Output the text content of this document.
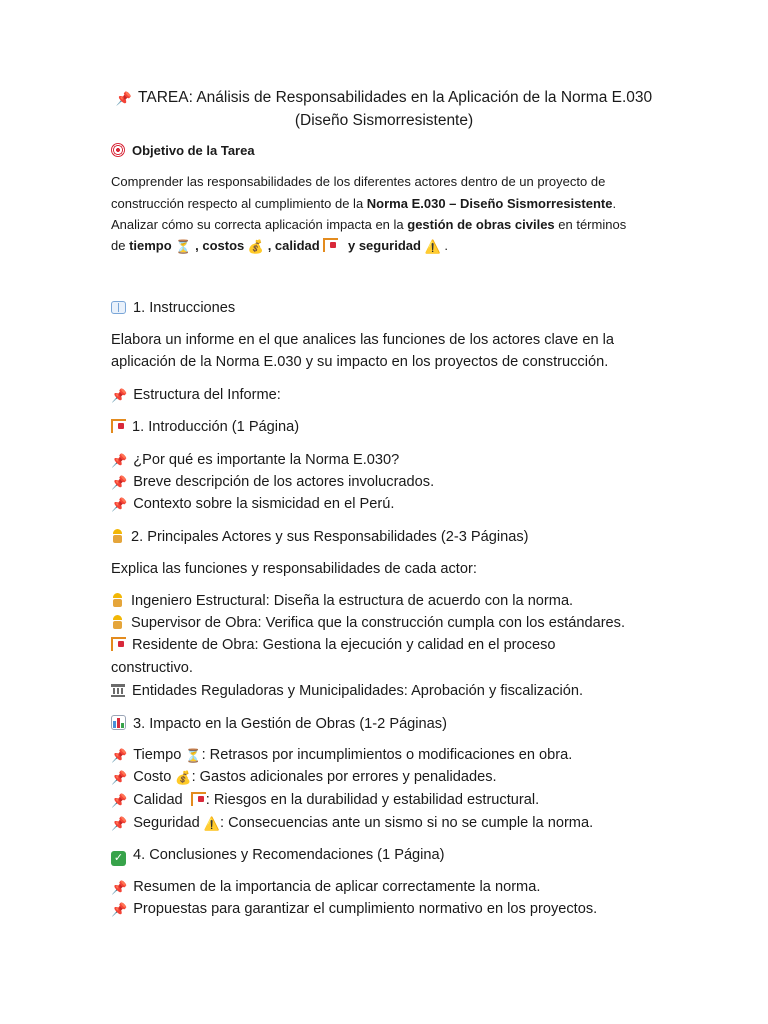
📌 TAREA: Análisis de Responsabilidades en la Aplicación de la Norma E.030
(Diseño Sismorresistente)
Objetivo de la Tarea
Comprender las responsabilidades de los diferentes actores dentro de un proyecto de
construcción respecto al cumplimiento de la Norma E.030 – Diseño Sismorresistente.
Analizar cómo su correcta aplicación impacta en la gestión de obras civiles en términos
de tiempo ⏳ , costos 💰 , calidad y seguridad ⚠️ .
1. Instrucciones
Elabora un informe en el que analices las funciones de los actores clave en la
aplicación de la Norma E.030 y su impacto en los proyectos de construcción.
📌 Estructura del Informe:
1. Introducción (1 Página)
📌 ¿Por qué es importante la Norma E.030?
📌 Breve descripción de los actores involucrados.
📌 Contexto sobre la sismicidad en el Perú.
2. Principales Actores y sus Responsabilidades (2-3 Páginas)
Explica las funciones y responsabilidades de cada actor:
Ingeniero Estructural: Diseña la estructura de acuerdo con la norma.
Supervisor de Obra: Verifica que la construcción cumpla con los estándares.
Residente de Obra: Gestiona la ejecución y calidad en el proceso
constructivo.
Entidades Reguladoras y Municipalidades: Aprobación y fiscalización.
3. Impacto en la Gestión de Obras (1-2 Páginas)
📌 Tiempo ⏳: Retrasos por incumplimientos o modificaciones en obra.
📌 Costo 💰: Gastos adicionales por errores y penalidades.
📌 Calidad : Riesgos en la durabilidad y estabilidad estructural.
📌 Seguridad ⚠️: Consecuencias ante un sismo si no se cumple la norma.
✓ 4. Conclusiones y Recomendaciones (1 Página)
📌 Resumen de la importancia de aplicar correctamente la norma.
📌 Propuestas para garantizar el cumplimiento normativo en los proyectos.
